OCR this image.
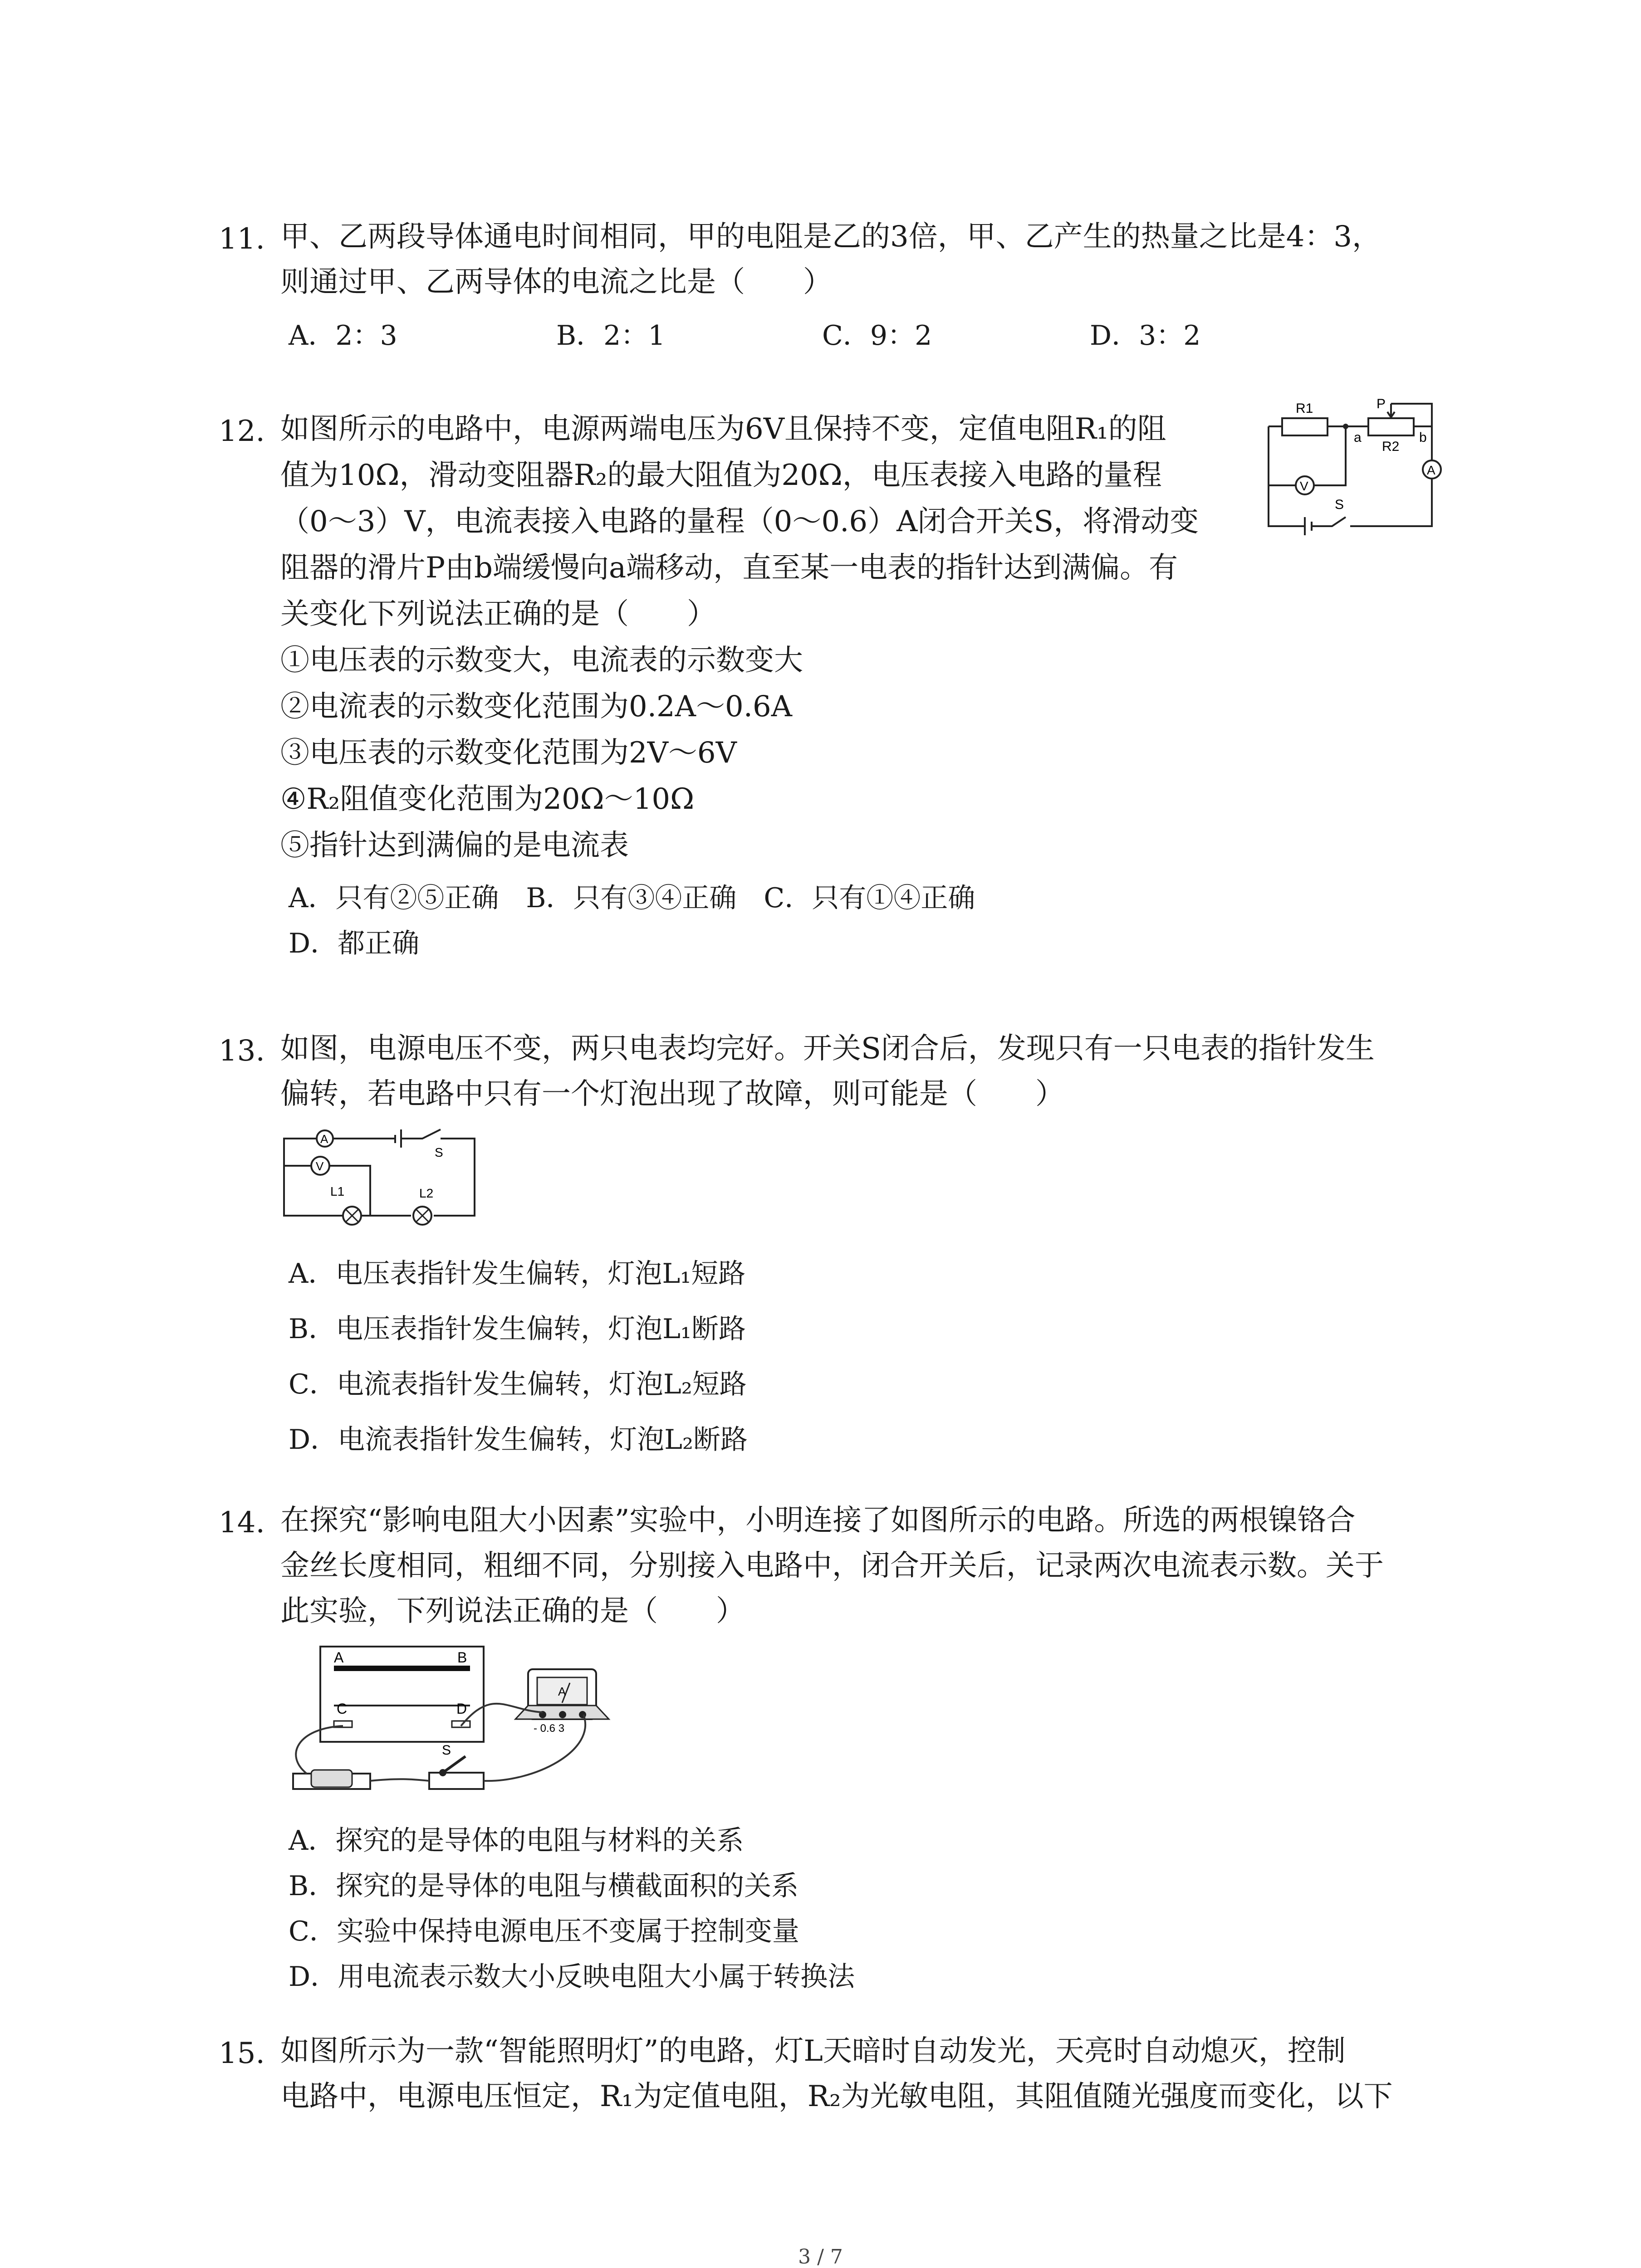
11. 甲、乙两段导体通电时间相同，甲的电阻是乙的3倍，甲、乙产生的热量之比是4：3，
则通过甲、乙两导体的电流之比是（　　）
A．2：3	B．2：1	C．9：2	D．3：2
12. 如图所示的电路中，电源两端电压为6V且保持不变，定值电阻R₁的阻
值为10Ω，滑动变阻器R₂的最大阻值为20Ω，电压表接入电路的量程
（0～3）V，电流表接入电路的量程（0～0.6）A闭合开关S，将滑动变
阻器的滑片P由b端缓慢向a端移动，直至某一电表的指针达到满偏。有
关变化下列说法正确的是（　　）
①电压表的示数变大，电流表的示数变大
②电流表的示数变化范围为0.2A～0.6A
③电压表的示数变化范围为2V～6V
④R₂阻值变化范围为20Ω～10Ω
⑤指针达到满偏的是电流表
A．只有②⑤正确　B．只有③④正确　C．只有①④正确
D．都正确
R1	P
a
R2
b
V
A
S
13. 如图，电源电压不变，两只电表均完好。开关S闭合后，发现只有一只电表的指针发生
偏转，若电路中只有一个灯泡出现了故障，则可能是（　　）
A
S
V
L1	L2
A．电压表指针发生偏转，灯泡L₁短路
B．电压表指针发生偏转，灯泡L₁断路
C．电流表指针发生偏转，灯泡L₂短路
D．电流表指针发生偏转，灯泡L₂断路
14. 在探究“影响电阻大小因素”实验中，小明连接了如图所示的电路。所选的两根镍铬合
金丝长度相同，粗细不同，分别接入电路中，闭合开关后，记录两次电流表示数。关于
此实验，下列说法正确的是（　　）
A	B
C	D
A
- 0.6 3
S
A．探究的是导体的电阻与材料的关系
B．探究的是导体的电阻与横截面积的关系
C．实验中保持电源电压不变属于控制变量
D．用电流表示数大小反映电阻大小属于转换法
15. 如图所示为一款“智能照明灯”的电路，灯L天暗时自动发光，天亮时自动熄灭，控制
电路中，电源电压恒定，R₁为定值电阻，R₂为光敏电阻，其阻值随光强度而变化，以下
3 / 7
